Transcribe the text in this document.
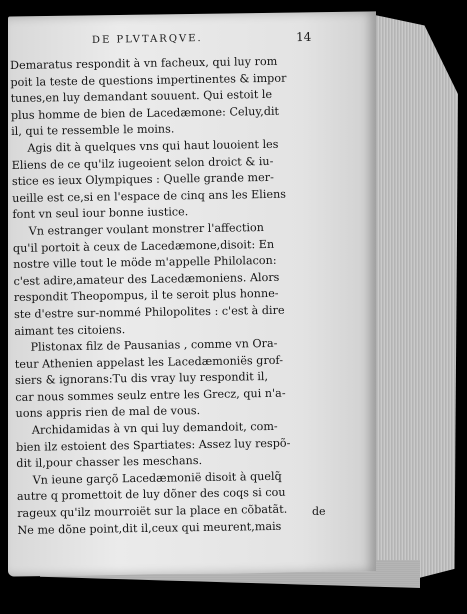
DE PLVTARQVE.	14
Demaratus respondit à vn facheux, qui luy rom
poit la teste de questions impertinentes & impor
tunes,en luy demandant souuent. Qui estoit le
plus homme de bien de Lacedæmone: Celuy,dit
il, qui te ressemble le moins.
Agis dit à quelques vns qui haut louoient les
Eliens de ce qu'ilz iugeoient selon droict & iu-
stice es ieux Olympiques : Quelle grande mer-
ueille est ce,si en l'espace de cinq ans les Eliens
font vn seul iour bonne iustice.
Vn estranger voulant monstrer l'affection
qu'il portoit à ceux de Lacedæmone,disoit: En
nostre ville tout le möde m'appelle Philolacon:
c'est adire,amateur des Lacedæmoniens. Alors
respondit Theopompus, il te seroit plus honne-
ste d'estre sur-nommé Philopolites : c'est à dire
aimant tes citoiens.
Plistonax filz de Pausanias , comme vn Ora-
teur Athenien appelast les Lacedæmoniës grof-
siers & ignorans:Tu dis vray luy respondit il,
car nous sommes seulz entre les Grecz, qui n'a-
uons appris rien de mal de vous.
Archidamidas à vn qui luy demandoit, com-
bien ilz estoient des Spartiates: Assez luy respõ-
dit il,pour chasser les meschans.
Vn ieune garçõ Lacedæmonië disoit à quelq̃
autre q promettoit de luy dõner des coqs si cou
rageux qu'ilz mourroiët sur la place en cõbatãt.
Ne me dõne point,dit il,ceux qui meurent,mais
de
